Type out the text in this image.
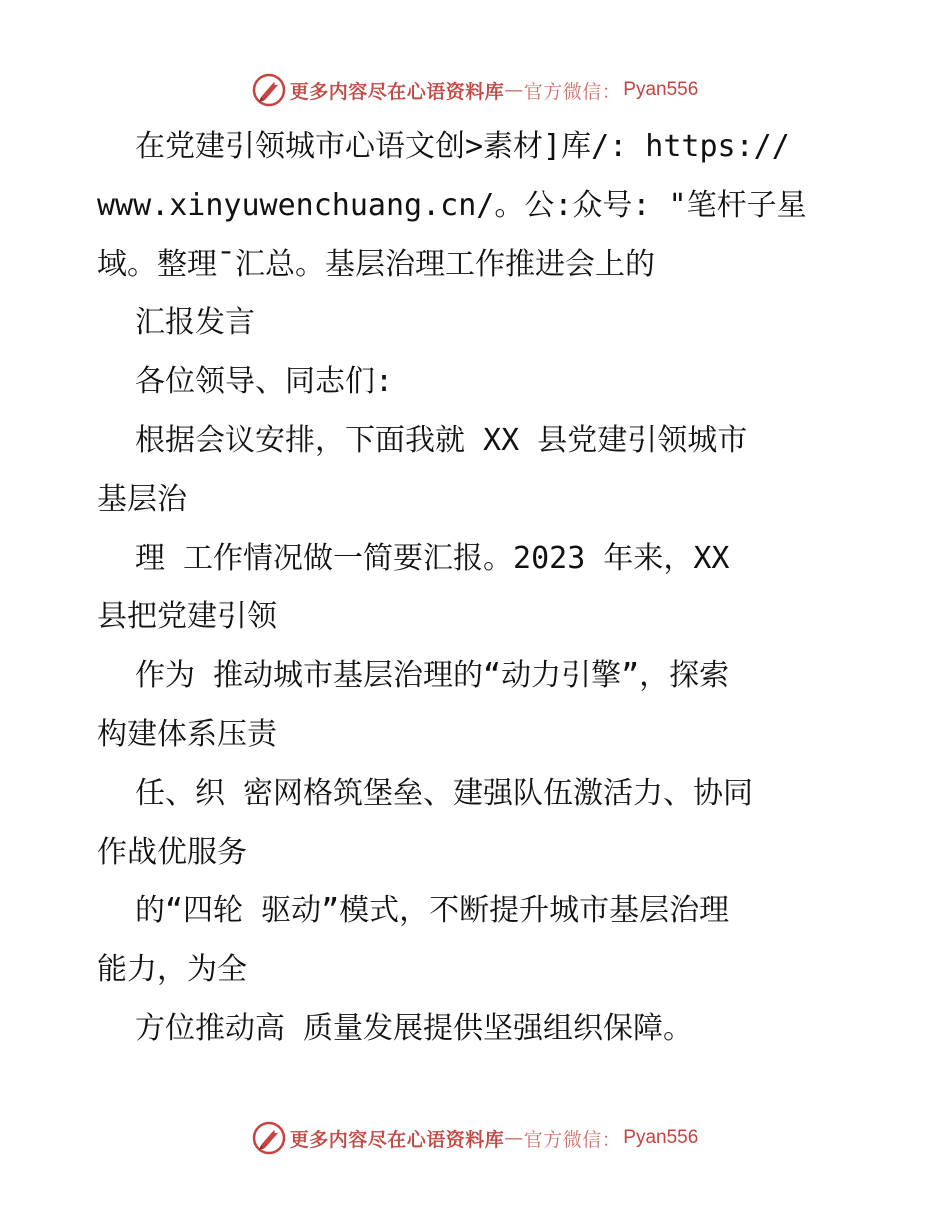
更多内容尽在心语资料库 — 官方微信 ： Pyan556
在党建引领城市心语文创>素材]库/: https://
www.xinyuwenchuang.cn/。公:众号: "笔杆子星
域。整理¯汇总。基层治理工作推进会上的
汇报发言
各位领导、同志们:
根据会议安排，下面我就 XX 县党建引领城市
基层治
理 工作情况做一简要汇报。2023 年来，XX
县把党建引领
作为 推动城市基层治理的“动力引擎”，探索
构建体系压责
任、织 密网格筑堡垒、建强队伍激活力、协同
作战优服务
的“四轮 驱动”模式，不断提升城市基层治理
能力，为全
方位推动高 质量发展提供坚强组织保障。
更多内容尽在心语资料库 — 官方微信 ： Pyan556
